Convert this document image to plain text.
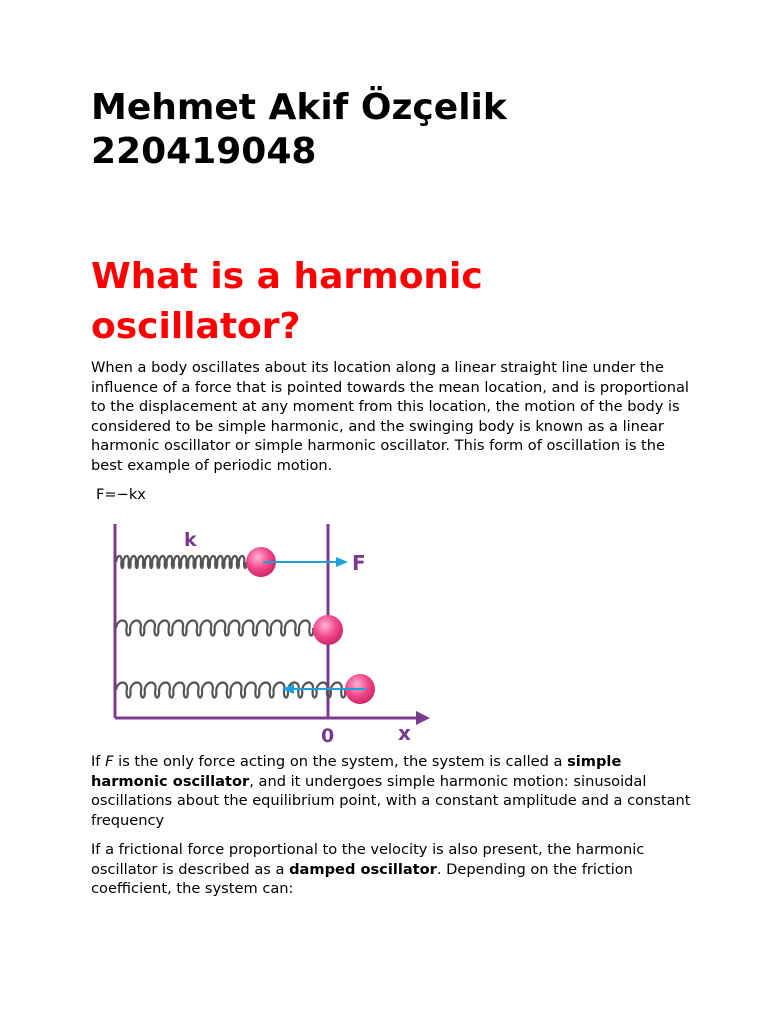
Mehmet Akif Özçelik
220419048
What is a harmonic oscillator?
When a body oscillates about its location along a linear straight line under the influence of a force that is pointed towards the mean location, and is proportional to the displacement at any moment from this location, the motion of the body is considered to be simple harmonic, and the swinging body is known as a linear harmonic oscillator or simple harmonic oscillator. This form of oscillation is the best example of periodic motion.
F=−kx
k
F
0	x
If F is the only force acting on the system, the system is called a simple harmonic oscillator, and it undergoes simple harmonic motion: sinusoidal oscillations about the equilibrium point, with a constant amplitude and a constant frequency
If a frictional force proportional to the velocity is also present, the harmonic oscillator is described as a damped oscillator. Depending on the friction coefficient, the system can:
